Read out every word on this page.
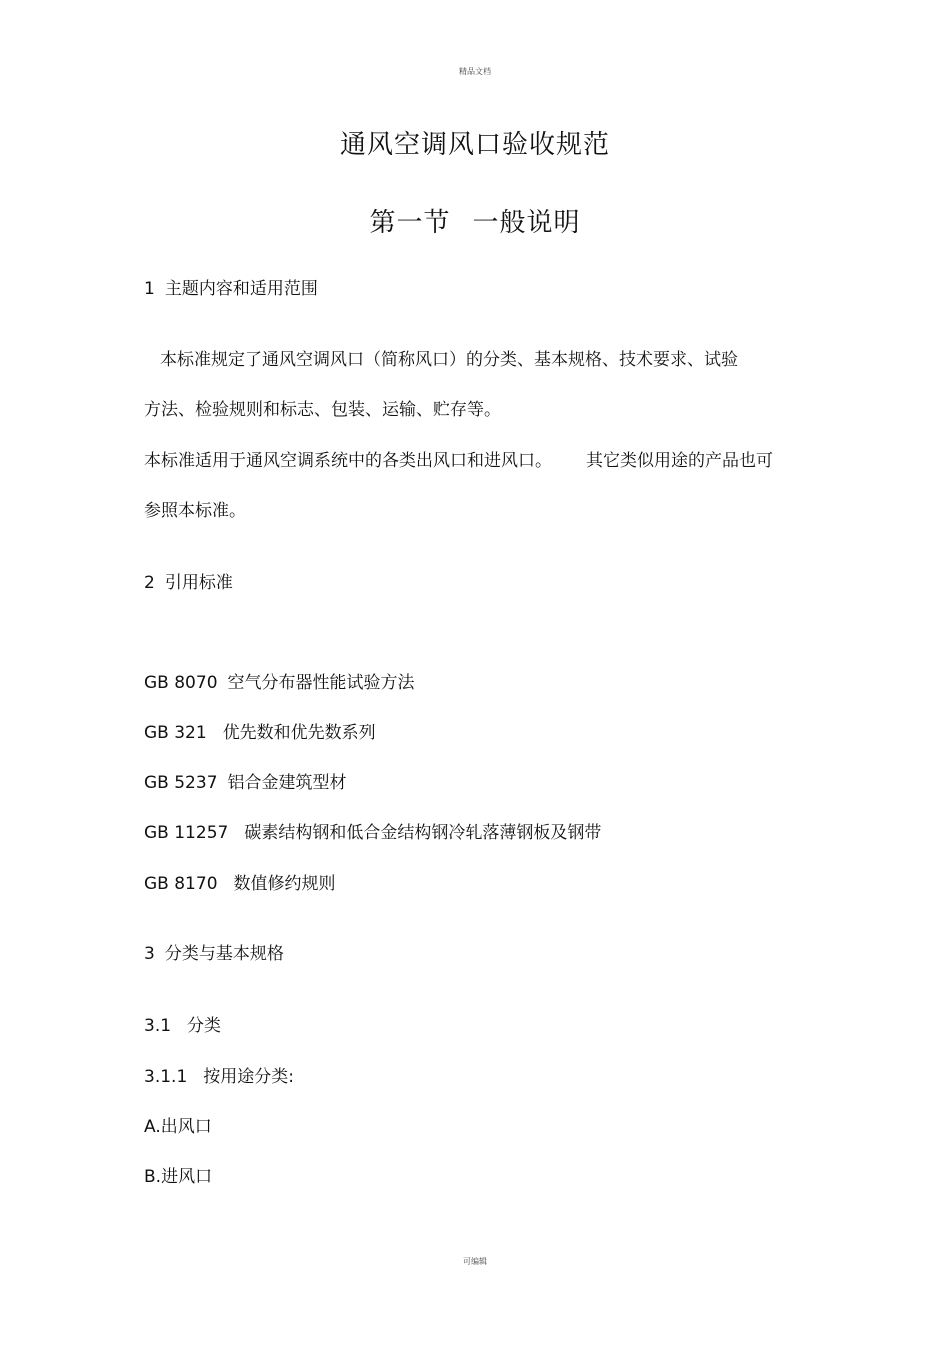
精品文档
通风空调风口验收规范
第一节 一般说明
1 主题内容和适用范围
本标准规定了通风空调风口（简称风口）的分类、基本规格、技术要求、试验
方法、检验规则和标志、包装、运输、贮存等。
本标准适用于通风空调系统中的各类出风口和进风口。 其它类似用途的产品也可
参照本标准。
2 引用标准
GB 8070 空气分布器性能试验方法
GB 321 优先数和优先数系列
GB 5237 铝合金建筑型材
GB 11257 碳素结构钢和低合金结构钢冷轧落薄钢板及钢带
GB 8170 数值修约规则
3 分类与基本规格
3.1 分类
3.1.1 按用途分类:
A.出风口
B.进风口
可编辑
